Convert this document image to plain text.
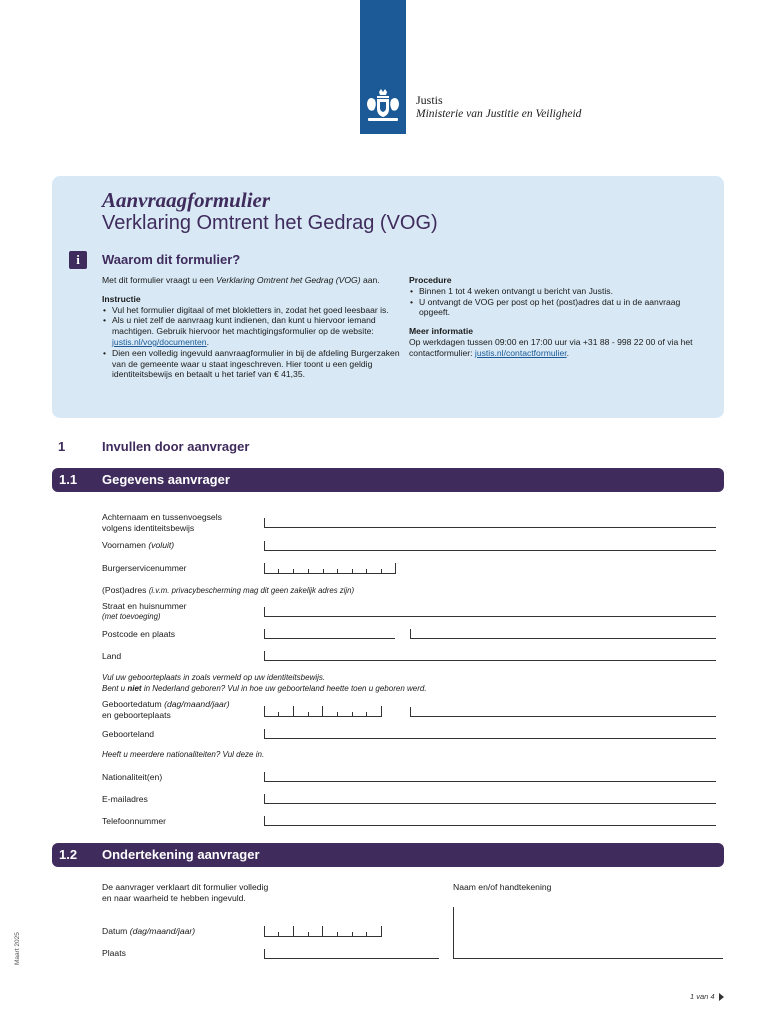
Justis
Ministerie van Justitie en Veiligheid
Aanvraagformulier
Verklaring Omtrent het Gedrag (VOG)
i	Waarom dit formulier?

Met dit formulier vraagt u een Verklaring Omtrent het Gedrag (VOG) aan.

Instructie
• Vul het formulier digitaal of met blokletters in, zodat het goed leesbaar is.
• Als u niet zelf de aanvraag kunt indienen, dan kunt u hiervoor iemand machtigen. Gebruik hiervoor het machtigingsformulier op de website: justis.nl/vog/documenten.
• Dien een volledig ingevuld aanvraagformulier in bij de afdeling Burgerzaken van de gemeente waar u staat ingeschreven. Hier toont u een geldig identiteitsbewijs en betaalt u het tarief van € 41,35.
Procedure
• Binnen 1 tot 4 weken ontvangt u bericht van Justis.
• U ontvangt de VOG per post op het (post)adres dat u in de aanvraag opgeeft.
Meer informatie

Op werkdagen tussen 09:00 en 17:00 uur via +31 88 - 998 22 00 of via het contactformulier: justis.nl/contactformulier.

1	Invullen door aanvrager
1.1 Gegevens aanvrager
Achternaam en tussenvoegsels
volgens identiteitsbewijs
Voornamen (voluit)
Burgerservicenummer
(Post)adres (i.v.m. privacybescherming mag dit geen zakelijk adres zijn)
Straat en huisnummer
(met toevoeging)
Postcode en plaats
Land
Vul uw geboorteplaats in zoals vermeld op uw identiteitsbewijs.
Bent u niet in Nederland geboren? Vul in hoe uw geboorteland heette toen u geboren werd.
Geboortedatum (dag/maand/jaar)
en geboorteplaats
Geboorteland
Heeft u meerdere nationaliteiten? Vul deze in.
Nationaliteit(en)
E-mailadres
Telefoonnummer
1.2 Ondertekening aanvrager
De aanvrager verklaart dit formulier volledig
en naar waarheid te hebben ingevuld.
Naam en/of handtekening
Datum (dag/maand/jaar)
Plaats
Maart 2025
1 van 4
